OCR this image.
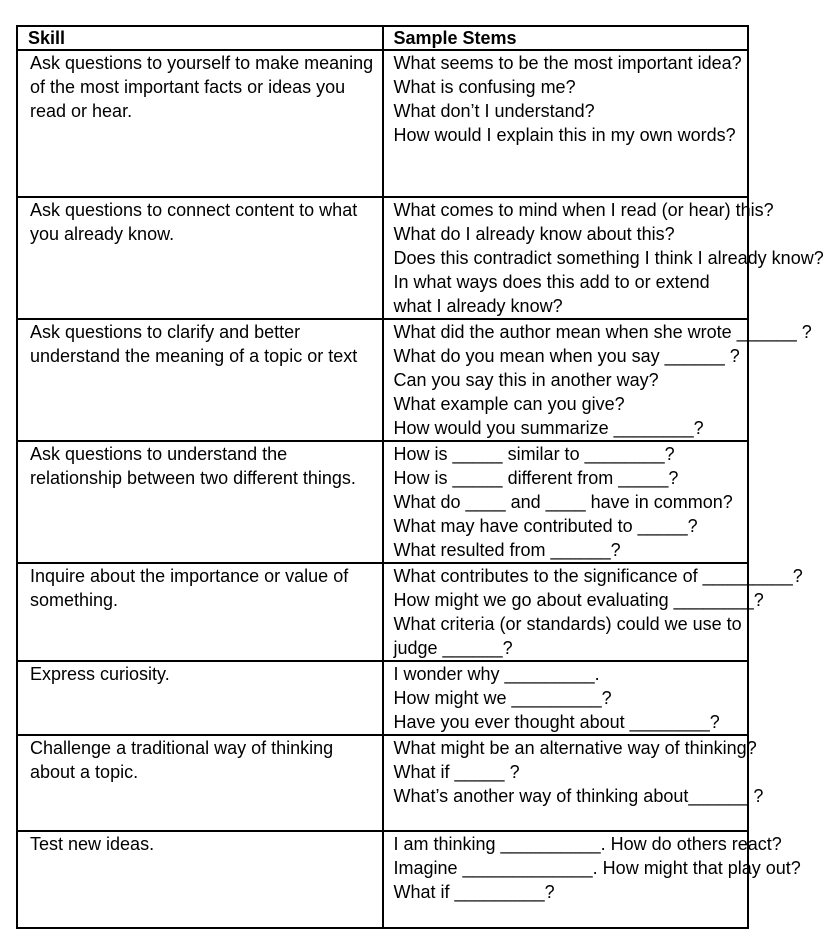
Skill	Sample Stems
Ask questions to yourself to make meaning of the most important facts or ideas you read or hear.	What seems to be the most important idea?
What is confusing me?
What don’t I understand?
How would I explain this in my own words?

Ask questions to connect content to what you already know.	What comes to mind when I read (or hear) this?
What do I already know about this?
Does this contradict something I think I already know?
In what ways does this add to or extend what I already know?

Ask questions to clarify and better understand the meaning of a topic or text	What did the author mean when she wrote ______ ?
What do you mean when you say ______ ?
Can you say this in another way?
What example can you give?
How would you summarize ________?

Ask questions to understand the relationship between two different things.	How is _____ similar to ________?
How is _____ different from _____?
What do ____ and ____ have in common?
What may have contributed to _____?
What resulted from ______?

Inquire about the importance or value of something.	What contributes to the significance of _________?
How might we go about evaluating ________?
What criteria (or standards) could we use to judge ______?

Express curiosity.	I wonder why _________.
How might we _________?
Have you ever thought about ________?

Challenge a traditional way of thinking about a topic.	What might be an alternative way of thinking?
What if _____ ?
What’s another way of thinking about______ ?

Test new ideas.	I am thinking __________. How do others react?
Imagine _____________. How might that play out?
What if _________?
